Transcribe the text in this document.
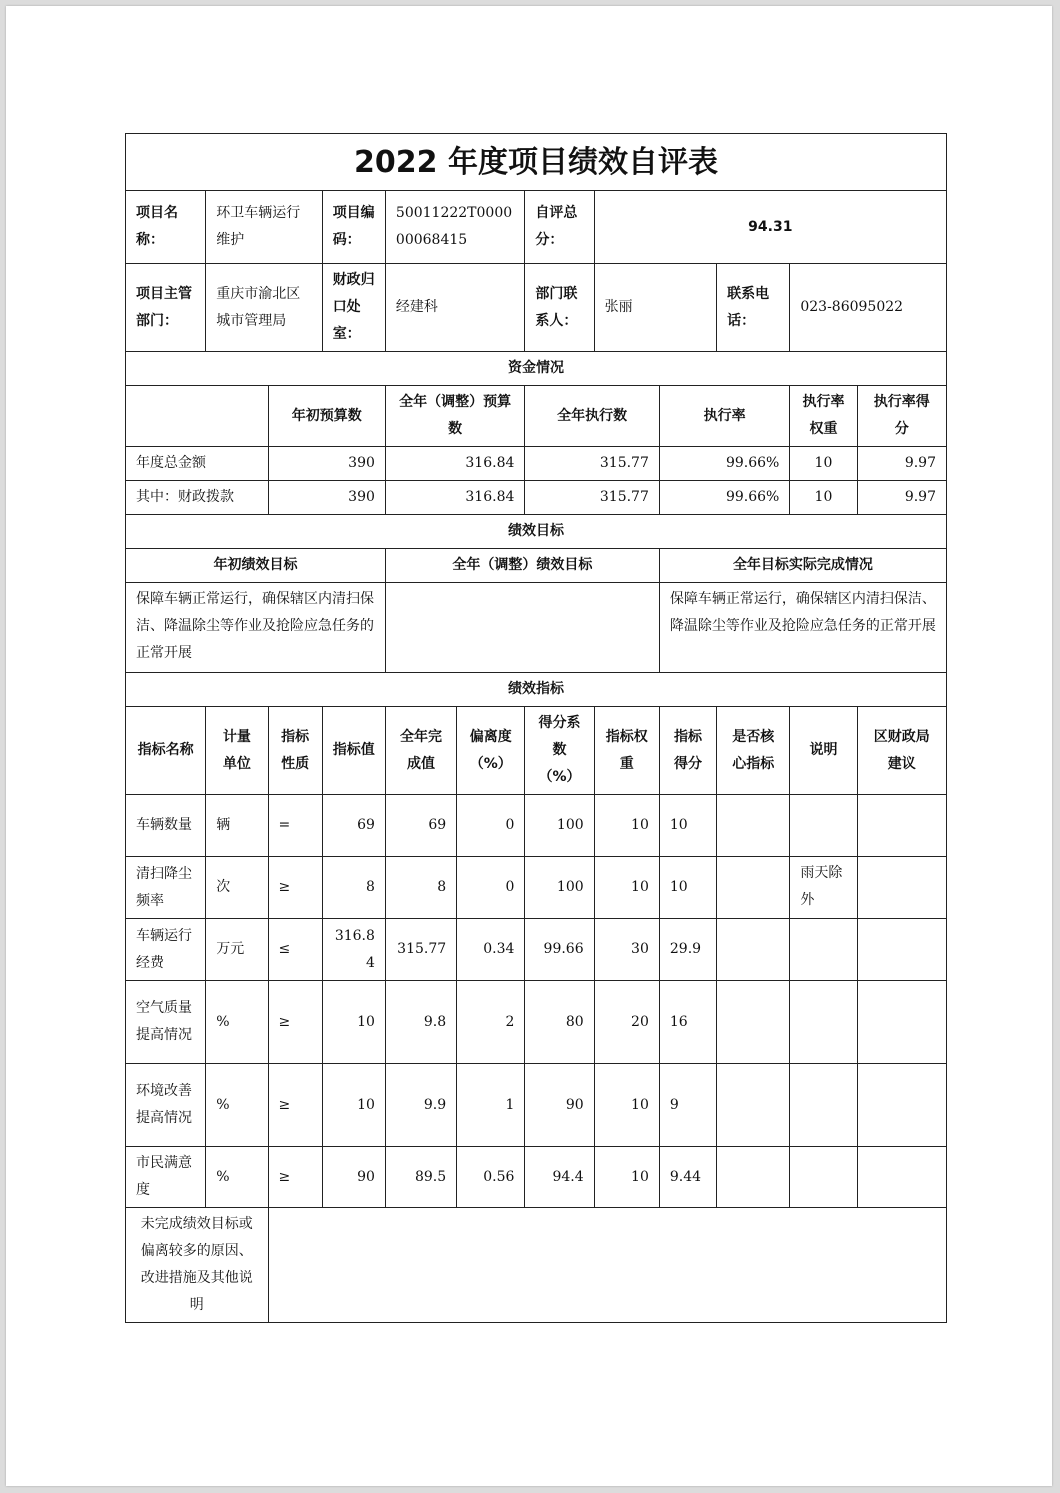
2022 年度项目绩效自评表											
项目名称：	环卫车辆运行维护		项目编码：	50011222T000000068415		自评总分：	94.31				
项目主管部门：	重庆市渝北区城市管理局		财政归口处室：	经建科		部门联系人：	张丽		联系电话：	023-86095022	
资金情况											
		年初预算数		全年（调整）预算数		全年执行数		执行率		执行率权重	执行率得分
年度总金额		390		316.84		315.77		99.66%		10	9.97
其中：财政拨款		390		316.84		315.77		99.66%		10	9.97
绩效目标											
年初绩效目标				全年（调整）绩效目标				全年目标实际完成情况			
保障车辆正常运行，确保辖区内清扫保洁、降温除尘等作业及抢险应急任务的正常开展								保障车辆正常运行，确保辖区内清扫保洁、降温除尘等作业及抢险应急任务的正常开展			
绩效指标											
指标名称	计量单位	指标性质	指标值	全年完成值	偏离度（%）	得分系数（%）	指标权重	指标得分	是否核心指标	说明	区财政局建议
车辆数量	辆	=	69	69	0	100	10	10			
清扫降尘频率	次	≥	8	8	0	100	10	10		雨天除外	
车辆运行经费	万元	≤	316.84	315.77	0.34	99.66	30	29.9			
空气质量提高情况	%	≥	10	9.8	2	80	20	16			
环境改善提高情况	%	≥	10	9.9	1	90	10	9			
市民满意度	%	≥	90	89.5	0.56	94.4	10	9.44			
未完成绩效目标或偏离较多的原因、改进措施及其他说明											
